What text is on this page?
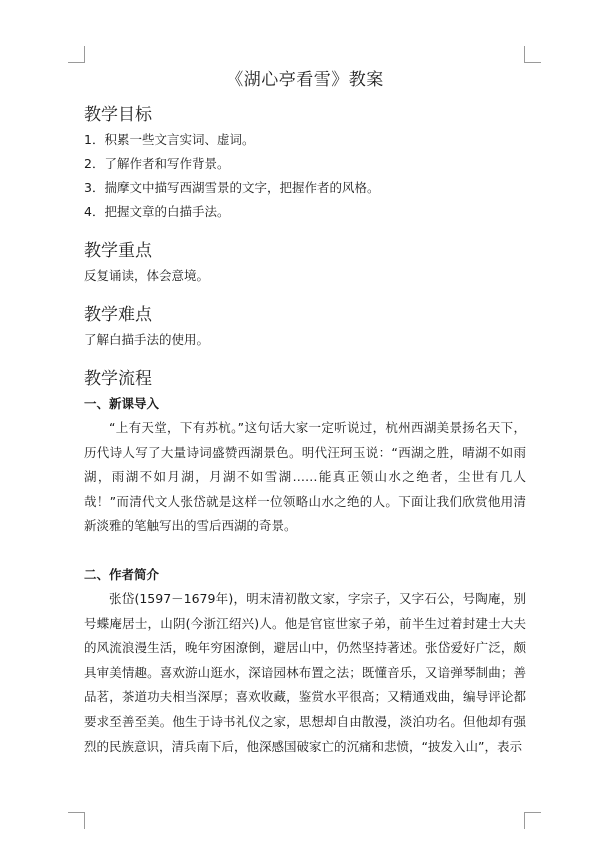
《湖心亭看雪》教案
教学目标
1．积累一些文言实词、虚词。
2．了解作者和写作背景。
3．揣摩文中描写西湖雪景的文字，把握作者的风格。
4．把握文章的白描手法。
教学重点
反复诵读，体会意境。
教学难点
了解白描手法的使用。
教学流程
一、新课导入

“上有天堂，下有苏杭。”这句话大家一定听说过，杭州西湖美景扬名天下，历代诗人写了大量诗词盛赞西湖景色。明代汪珂玉说：“西湖之胜，晴湖不如雨湖，雨湖不如月湖，月湖不如雪湖……能真正领山水之绝者，尘世有几人哉！”而清代文人张岱就是这样一位领略山水之绝的人。下面让我们欣赏他用清新淡雅的笔触写出的雪后西湖的奇景。

二、作者简介

张岱(1597－1679年)，明末清初散文家，字宗子，又字石公，号陶庵，别号蝶庵居士，山阴(今浙江绍兴)人。他是官宦世家子弟，前半生过着封建士大夫的风流浪漫生活，晚年穷困潦倒，避居山中，仍然坚持著述。张岱爱好广泛，颇具审美情趣。喜欢游山逛水，深谙园林布置之法；既懂音乐，又谙弹琴制曲；善品茗，茶道功夫相当深厚；喜欢收藏，鉴赏水平很高；又精通戏曲，编导评论都要求至善至美。他生于诗书礼仪之家，思想却自由散漫，淡泊功名。但他却有强烈的民族意识，清兵南下后，他深感国破家亡的沉痛和悲愤，“披发入山”，表示
